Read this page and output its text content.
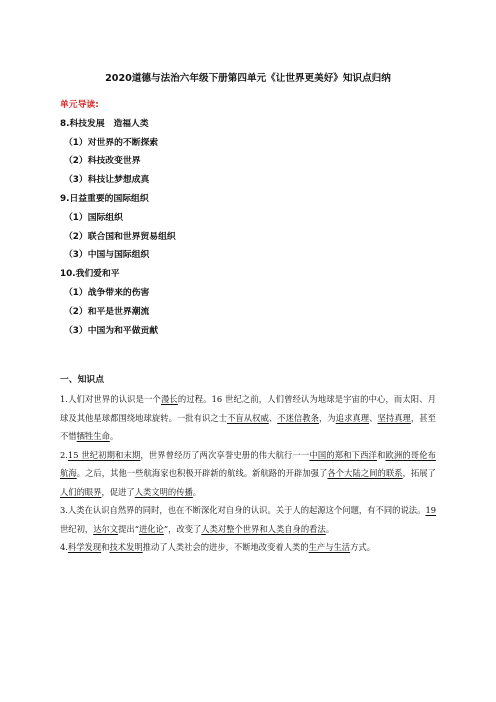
2020道德与法治六年级下册第四单元《让世界更美好》知识点归纳
单元导读:
8.科技发展　造福人类
（1）对世界的不断探索
（2）科技改变世界
（3）科技让梦想成真
9.日益重要的国际组织
（1）国际组织
（2）联合国和世界贸易组织
（3）中国与国际组织
10.我们爱和平
（1）战争带来的伤害
（2）和平是世界潮流
（3）中国为和平做贡献
一、知识点

1.人们对世界的认识是一个漫长的过程。16 世纪之前，人们曾经认为地球是宇宙的中心，而太阳、月球及其他星球都围绕地球旋转。一批有识之士不盲从权威、不迷信教条，为追求真理、坚持真理，甚至不惜牺牲生命。

2.15 世纪初期和末期，世界曾经历了两次享誉史册的伟大航行一一中国的郑和下西洋和欧洲的哥伦布航海。之后，其他一些航海家也积极开辟新的航线。新航路的开辟加强了各个大陆之间的联系，拓展了人们的眼界，促进了人类文明的传播。

3.人类在认识自然界的同时，也在不断深化对自身的认识。关于人的起源这个问题，有不同的说法。19世纪初，达尔文提出“进化论”，改变了人类对整个世界和人类自身的看法。

4.科学发现和技术发明推动了人类社会的进步，不断地改变着人类的生产与生活方式。
